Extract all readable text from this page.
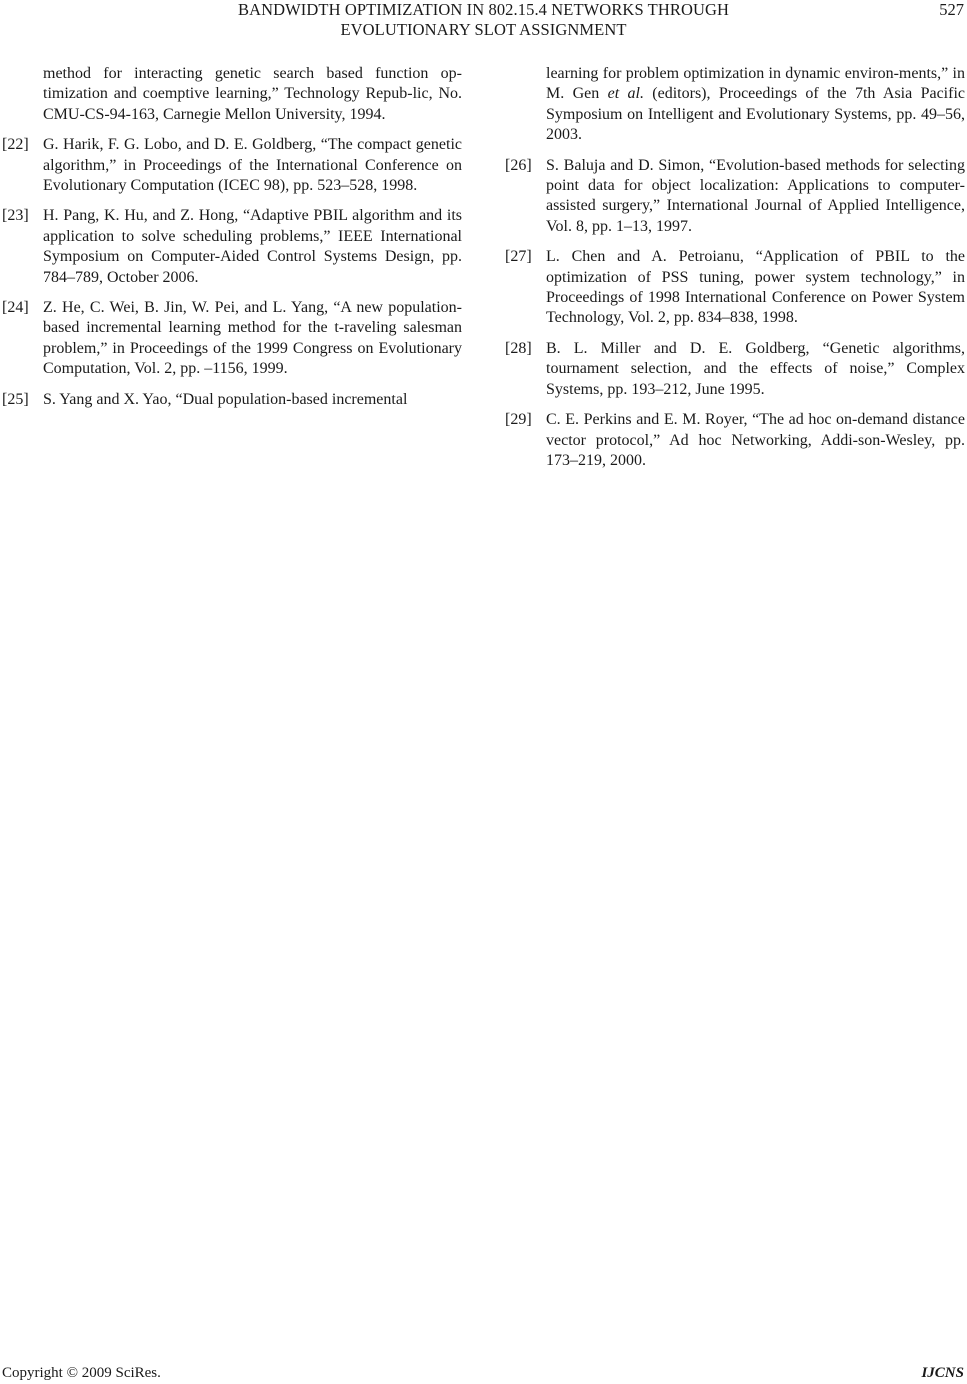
BANDWIDTH OPTIMIZATION IN 802.15.4 NETWORKS THROUGH
EVOLUTIONARY SLOT ASSIGNMENT
527
method for interacting genetic search based function op-timization and coemptive learning,” Technology Repub-lic, No. CMU-CS-94-163, Carnegie Mellon University, 1994.
[22] G. Harik, F. G. Lobo, and D. E. Goldberg, “The compact genetic algorithm,” in Proceedings of the International Conference on Evolutionary Computation (ICEC 98), pp. 523–528, 1998.
[23] H. Pang, K. Hu, and Z. Hong, “Adaptive PBIL algorithm and its application to solve scheduling problems,” IEEE International Symposium on Computer-Aided Control Systems Design, pp. 784–789, October 2006.
[24] Z. He, C. Wei, B. Jin, W. Pei, and L. Yang, “A new population-based incremental learning method for the t-raveling salesman problem,” in Proceedings of the 1999 Congress on Evolutionary Computation, Vol. 2, pp. –1156, 1999.
[25] S. Yang and X. Yao, “Dual population-based incremental
learning for problem optimization in dynamic environ-ments,” in M. Gen et al. (editors), Proceedings of the 7th Asia Pacific Symposium on Intelligent and Evolutionary Systems, pp. 49–56, 2003.
[26] S. Baluja and D. Simon, “Evolution-based methods for selecting point data for object localization: Applications to computer-assisted surgery,” International Journal of Applied Intelligence, Vol. 8, pp. 1–13, 1997.
[27] L. Chen and A. Petroianu, “Application of PBIL to the optimization of PSS tuning, power system technology,” in Proceedings of 1998 International Conference on Power System Technology, Vol. 2, pp. 834–838, 1998.
[28] B. L. Miller and D. E. Goldberg, “Genetic algorithms, tournament selection, and the effects of noise,” Complex Systems, pp. 193–212, June 1995.
[29] C. E. Perkins and E. M. Royer, “The ad hoc on-demand distance vector protocol,” Ad hoc Networking, Addi-son-Wesley, pp. 173–219, 2000.
Copyright © 2009 SciRes.	IJCNS
